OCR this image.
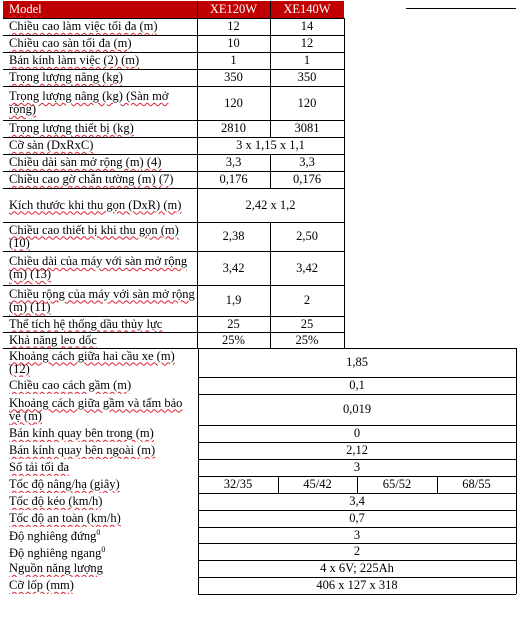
Model	XE120W XE140W
Chiều cao làm việc tối đa (m)	12	14
Chiều cao sàn tối đa (m)	10	12
Bán kính làm việc (2) (m)	1	1
Trọng lượng nâng (kg)	350	350
Trọng lượng nâng (kg) (Sàn mở rộng)	120	120
Trọng lượng thiết bị (kg)	2810	3081
Cỡ sàn (DxRxC)	3 x 1,15 x 1,1
Chiều dài sàn mở rộng (m) (4)	3,3	3,3
Chiều cao gờ chắn tường (m) (7)	0,176	0,176
Kích thước khi thu gọn (DxR) (m)	2,42 x 1,2
Chiều cao thiết bị khi thu gọn (m) (10)	2,38	2,50
Chiều dài của máy với sàn mở rộng (m) (13)	3,42	3,42
Chiều rộng của máy với sàn mở rộng (m) (11)	1,9	2
Thể tích hệ thống dầu thủy lực	25	25
Khả năng leo dốc	25%	25%
Khoảng cách giữa hai cầu xe (m) (12)	1,85
Chiều cao cách gầm (m)	0,1
Khoảng cách giữa gầm và tấm bảo vệ (m)	0,019
Bán kính quay bên trong (m)	0
Bán kính quay bên ngoài (m)	2,12
Số tải tối đa	3
Tốc độ nâng/hạ (giây)	32/35	45/42	65/52	68/55
Tốc độ kéo (km/h)	3,4
Tốc độ an toàn (km/h)	0,7
Độ nghiêng đứng$^0$	3
Độ nghiêng ngang$^0$	2
Nguồn năng lượng	4 x 6V; 225Ah
Cỡ lốp (mm)	406 x 127 x 318
